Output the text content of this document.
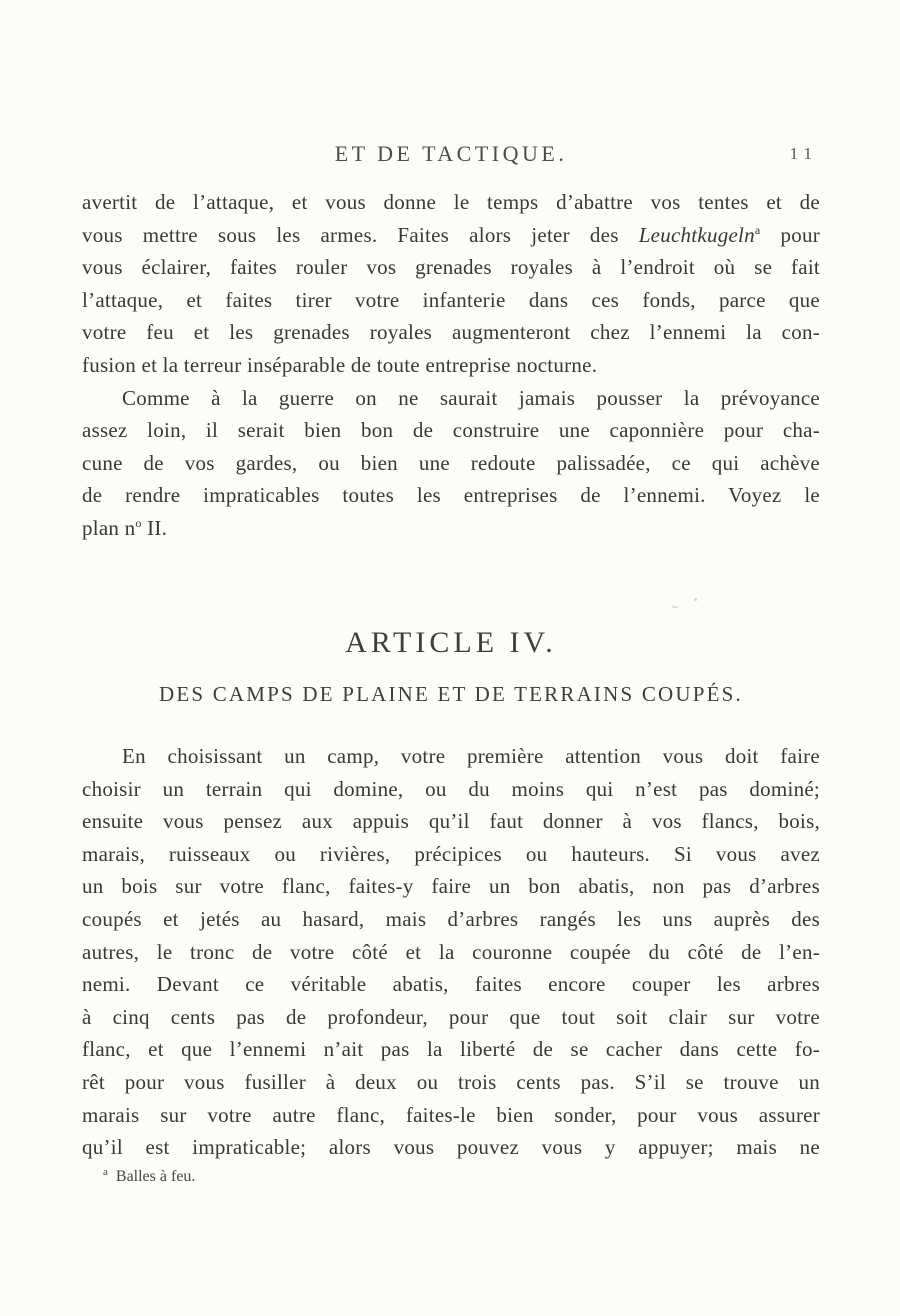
ET DE TACTIQUE.	11
avertit de l’attaque, et vous donne le temps d’abattre vos tentes et de
vous mettre sous les armes. Faites alors jeter des Leuchtkugeln$^a$ pour
vous éclairer, faites rouler vos grenades royales à l’endroit où se fait
l’attaque, et faites tirer votre infanterie dans ces fonds, parce que
votre feu et les grenades royales augmenteront chez l’ennemi la con-
fusion et la terreur inséparable de toute entreprise nocturne.
Comme à la guerre on ne saurait jamais pousser la prévoyance
assez loin, il serait bien bon de construire une caponnière pour cha-
cune de vos gardes, ou bien une redoute palissadée, ce qui achève
de rendre impraticables toutes les entreprises de l’ennemi. Voyez le
plan $n^o$ II.
ARTICLE IV.
DES CAMPS DE PLAINE ET DE TERRAINS COUPÉS.
En choisissant un camp, votre première attention vous doit faire
choisir un terrain qui domine, ou du moins qui n’est pas dominé;
ensuite vous pensez aux appuis qu’il faut donner à vos flancs, bois,
marais, ruisseaux ou rivières, précipices ou hauteurs. Si vous avez
un bois sur votre flanc, faites-y faire un bon abatis, non pas d’arbres
coupés et jetés au hasard, mais d’arbres rangés les uns auprès des
autres, le tronc de votre côté et la couronne coupée du côté de l’en-
nemi. Devant ce véritable abatis, faites encore couper les arbres
à cinq cents pas de profondeur, pour que tout soit clair sur votre
flanc, et que l’ennemi n’ait pas la liberté de se cacher dans cette fo-
rêt pour vous fusiller à deux ou trois cents pas. S’il se trouve un
marais sur votre autre flanc, faites-le bien sonder, pour vous assurer
qu’il est impraticable; alors vous pouvez vous y appuyer; mais ne
$^a$ Balles à feu.
